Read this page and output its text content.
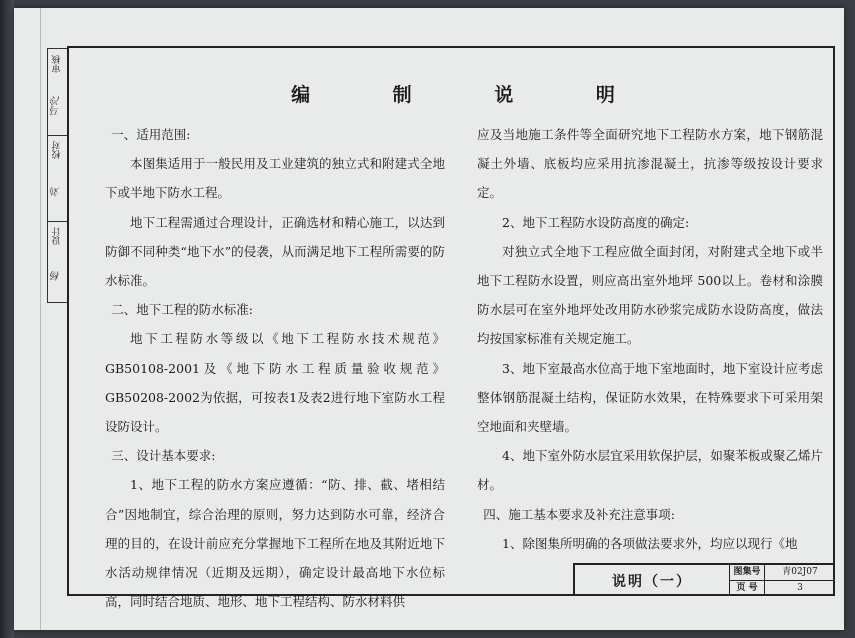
审核
马冷
校对
刘
设计
杨
编 制 说 明

一、适用范围:

本图集适用于一般民用及工业建筑的独立式和附建式全地下或半地下防水工程。

地下工程需通过合理设计，正确选材和精心施工，以达到防御不同种类“地下水”的侵袭，从而满足地下工程所需要的防水标准。

二、地下工程的防水标准:

地下工程防水等级以《地下工程防水技术规范》GB50108-2001及《地下防水工程质量验收规范》GB50208-2002为依据，可按表1及表2进行地下室防水工程设防设计。

三、设计基本要求:

1、地下工程的防水方案应遵循：“防、排、截、堵相结合”因地制宜，综合治理的原则，努力达到防水可靠，经济合理的目的，在设计前应充分掌握地下工程所在地及其附近地下水活动规律情况（近期及远期），确定设计最高地下水位标高，同时结合地质、地形、地下工程结构、防水材料供

应及当地施工条件等全面研究地下工程防水方案，地下钢筋混凝土外墙、底板均应采用抗渗混凝土，抗渗等级按设计要求定。

2、地下工程防水设防高度的确定:

对独立式全地下工程应做全面封闭，对附建式全地下或半地下工程防水设置，则应高出室外地坪 500以上。卷材和涂膜防水层可在室外地坪处改用防水砂浆完成防水设防高度，做法均按国家标准有关规定施工。

3、地下室最高水位高于地下室地面时，地下室设计应考虑整体钢筋混凝土结构，保证防水效果，在特殊要求下可采用架空地面和夹壁墙。

4、地下室外防水层宜采用软保护层，如聚苯板或聚乙烯片材。

四、施工基本要求及补充注意事项:

1、除图集所明确的各项做法要求外，均应以现行《地

说明（一）
图集号	青02J07
页 号	3
